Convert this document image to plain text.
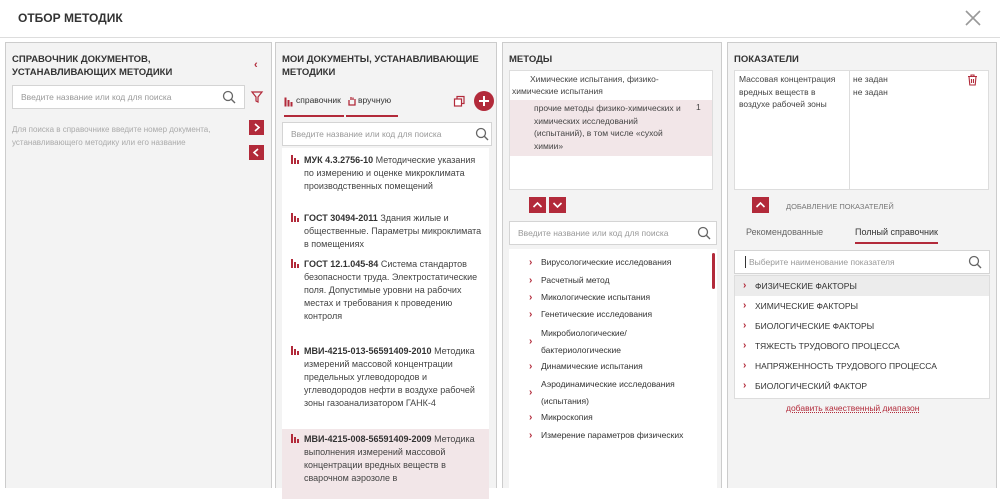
ОТБОР МЕТОДИК
СПРАВОЧНИК ДОКУМЕНТОВ, УСТАНАВЛИВАЮЩИХ МЕТОДИКИ
‹
Введите название или код для поиска
Для поиска в справочнике введите номер документа, устанавливающего методику или его название
МОИ ДОКУМЕНТЫ, УСТАНАВЛИВАЮЩИЕ МЕТОДИКИ
справочник вручную
Введите название или код для поиска
МУК 4.3.2756-10 Методические указания по измерению и оценке микроклимата производственных помещений
ГОСТ 30494-2011 Здания жилые и общественные. Параметры микроклимата в помещениях
ГОСТ 12.1.045-84 Система стандартов безопасности труда. Электростатические поля. Допустимые уровни на рабочих местах и требования к проведению контроля
МВИ-4215-013-56591409-2010 Методика измерений массовой концентрации предельных углеводородов и углеводородов нефти в воздухе рабочей зоны газоанализатором ГАНК-4
МВИ-4215-008-56591409-2009 Методика выполнения измерений массовой концентрации вредных веществ в сварочном аэрозоле в
МЕТОДЫ
Химические испытания, физико-химические испытания
прочие методы физико-химических и химических исследований (испытаний), в том числе «сухой химии»
1
Введите название или код для поиска
› Вирусологические исследования
› Расчетный метод
› Микологические испытания
› Генетические исследования
›
Микробиологические/ бактериологические
› Динамические испытания
›
Аэродинамические исследования (испытания)
› Микроскопия
› Измерение параметров физических
ПОКАЗАТЕЛИ
Массовая концентрация вредных веществ в воздухе рабочей зоны
не задан
не задан
ДОБАВЛЕНИЕ ПОКАЗАТЕЛЕЙ
Рекомендованные	Полный справочник
Выберите наименование показателя
› ФИЗИЧЕСКИЕ ФАКТОРЫ
› ХИМИЧЕСКИЕ ФАКТОРЫ
› БИОЛОГИЧЕСКИЕ ФАКТОРЫ
› ТЯЖЕСТЬ ТРУДОВОГО ПРОЦЕССА
› НАПРЯЖЕННОСТЬ ТРУДОВОГО ПРОЦЕССА
› БИОЛОГИЧЕСКИЙ ФАКТОР
добавить качественный диапазон
